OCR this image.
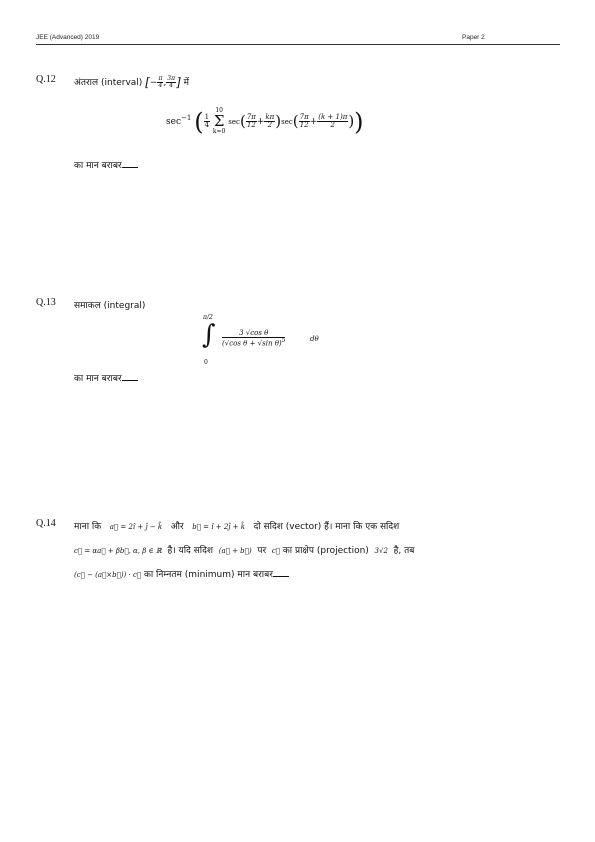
JEE (Advanced) 2019	Paper 2
Q.12 अंतराल (interval) [− $\frac{\pi}{4}$ , $\frac{3\pi}{4}$ ] में
$\sec^{-1}$ ( $\frac{1}{4}$

10
Σ
k=0
$\sec( \frac{7\pi}{12} + \frac{k\pi}{2} )\sec( \frac{7\pi}{12} + \frac{(k + 1)\pi}{2}$ ))
का मान बराबर
Q.13 समाकल (integral)
π/2
∫
0
$\frac{\text{3 √cos θ}}{(√\cos \theta + √\sin \theta)^5}$	dθ
का मान बराबर
Q.14 माना कि a⃗ = 2î + ĵ − k̂ और b⃗ = î + 2ĵ + k̂ दो सदिश (vector) हैं। माना कि एक सदिश
c⃗ = αa⃗ + βb⃗, α, β ∈ ℝ है। यदि सदिश (a⃗ + b⃗) पर c⃗ का प्राक्षेप (projection) 3√2 है, तब
(c⃗ − (a⃗×b⃗)) · c⃗ का निम्नतम (minimum) मान बराबर
